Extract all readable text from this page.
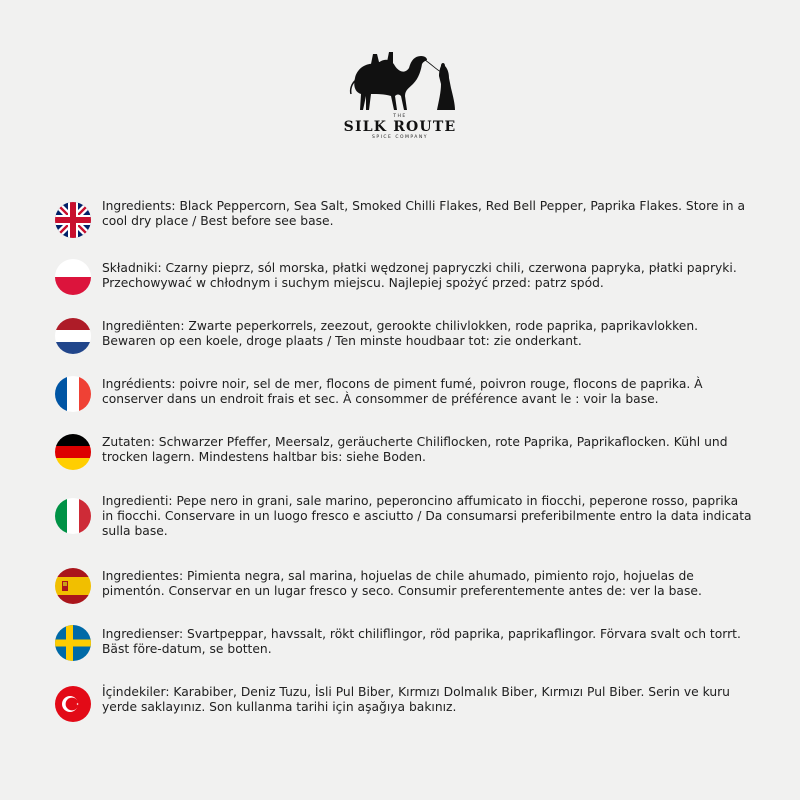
THE
SILK ROUTE
SPICE COMPANY
Ingredients: Black Peppercorn, Sea Salt, Smoked Chilli Flakes, Red Bell Pepper, Paprika Flakes. Store in a cool dry place / Best before see base.
Składniki: Czarny pieprz, sól morska, płatki wędzonej papryczki chili, czerwona papryka, płatki papryki. Przechowywać w chłodnym i suchym miejscu. Najlepiej spożyć przed: patrz spód.
Ingrediënten: Zwarte peperkorrels, zeezout, gerookte chilivlokken, rode paprika, paprikavlokken. Bewaren op een koele, droge plaats / Ten minste houdbaar tot: zie onderkant.
Ingrédients: poivre noir, sel de mer, flocons de piment fumé, poivron rouge, flocons de paprika. À conserver dans un endroit frais et sec. À consommer de préférence avant le : voir la base.
Zutaten: Schwarzer Pfeffer, Meersalz, geräucherte Chiliflocken, rote Paprika, Paprikaflocken. Kühl und trocken lagern. Mindestens haltbar bis: siehe Boden.
Ingredienti: Pepe nero in grani, sale marino, peperoncino affumicato in fiocchi, peperone rosso, paprika in fiocchi. Conservare in un luogo fresco e asciutto / Da consumarsi preferibilmente entro la data indicata sulla base.
Ingredientes: Pimienta negra, sal marina, hojuelas de chile ahumado, pimiento rojo, hojuelas de pimentón. Conservar en un lugar fresco y seco. Consumir preferentemente antes de: ver la base.
Ingredienser: Svartpeppar, havssalt, rökt chiliflingor, röd paprika, paprikaflingor. Förvara svalt och torrt. Bäst före-datum, se botten.
İçindekiler: Karabiber, Deniz Tuzu, İsli Pul Biber, Kırmızı Dolmalık Biber, Kırmızı Pul Biber. Serin ve kuru yerde saklayınız. Son kullanma tarihi için aşağıya bakınız.
